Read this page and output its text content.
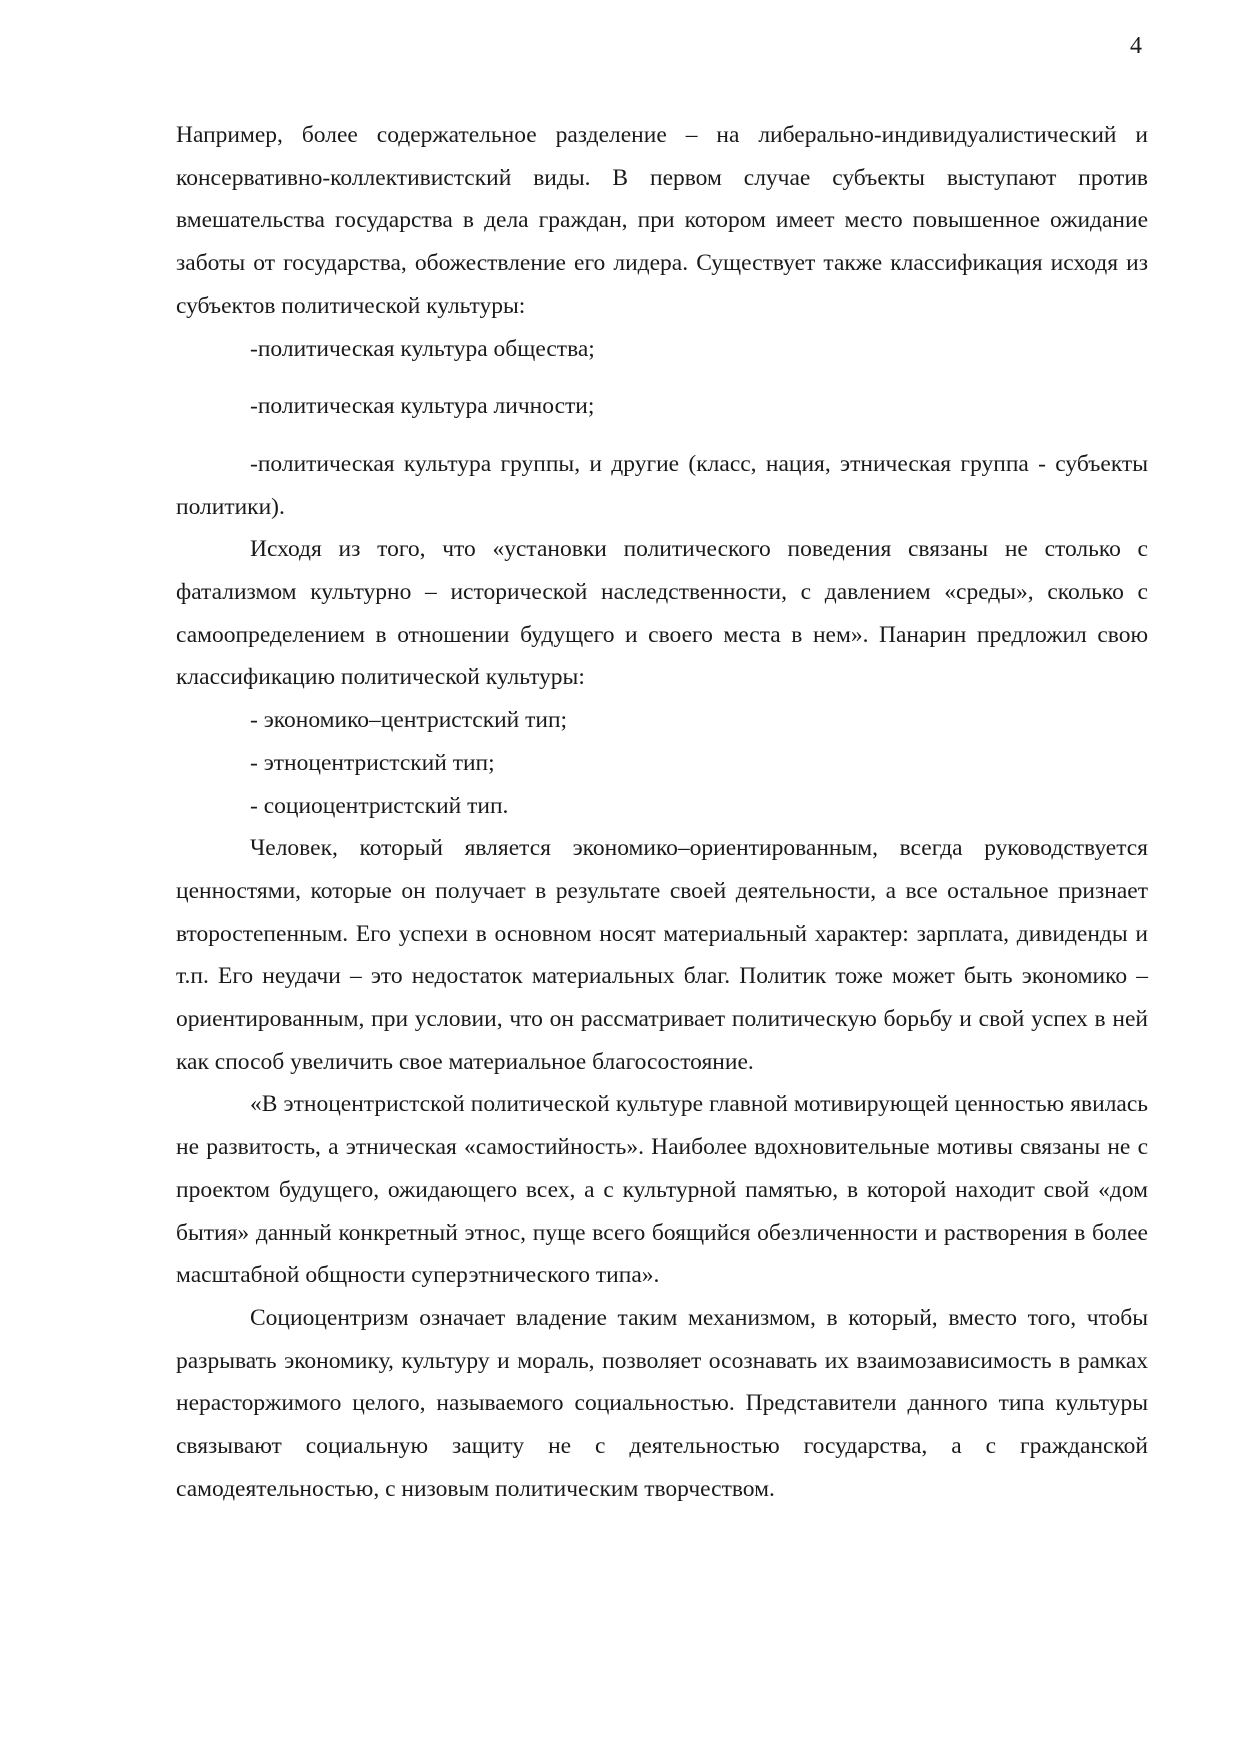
4

Например, более содержательное разделение – на либерально-индивидуалистический и консервативно-коллективистский виды. В первом случае субъекты выступают против вмешательства государства в дела граждан, при котором имеет место повышенное ожидание заботы от государства, обожествление его лидера. Существует также классификация исходя из субъектов политической культуры:

-политическая культура общества;

-политическая культура личности;

-политическая культура группы, и другие (класс, нация, этническая группа - субъекты политики).

Исходя из того, что «установки политического поведения связаны не столько с фатализмом культурно – исторической наследственности, с давлением «среды», сколько с самоопределением в отношении будущего и своего места в нем». Панарин предложил свою классификацию политической культуры:

- экономико–центристский тип;

- этноцентристский тип;

- социоцентристский тип.

Человек, который является экономико–ориентированным, всегда руководствуется ценностями, которые он получает в результате своей деятельности, а все остальное признает второстепенным. Его успехи в основном носят материальный характер: зарплата, дивиденды и т.п. Его неудачи – это недостаток материальных благ. Политик тоже может быть экономико – ориентированным, при условии, что он рассматривает политическую борьбу и свой успех в ней как способ увеличить свое материальное благосостояние.

«В этноцентристской политической культуре главной мотивирующей ценностью явилась не развитость, а этническая «самостийность». Наиболее вдохновительные мотивы связаны не с проектом будущего, ожидающего всех, а с культурной памятью, в которой находит свой «дом бытия» данный конкретный этнос, пуще всего боящийся обезличенности и растворения в более масштабной общности суперэтнического типа».

Социоцентризм означает владение таким механизмом, в который, вместо того, чтобы разрывать экономику, культуру и мораль, позволяет осознавать их взаимозависимость в рамках нерасторжимого целого, называемого социальностью. Представители данного типа культуры связывают социальную защиту не с деятельностью государства, а с гражданской самодеятельностью, с низовым политическим творчеством.
